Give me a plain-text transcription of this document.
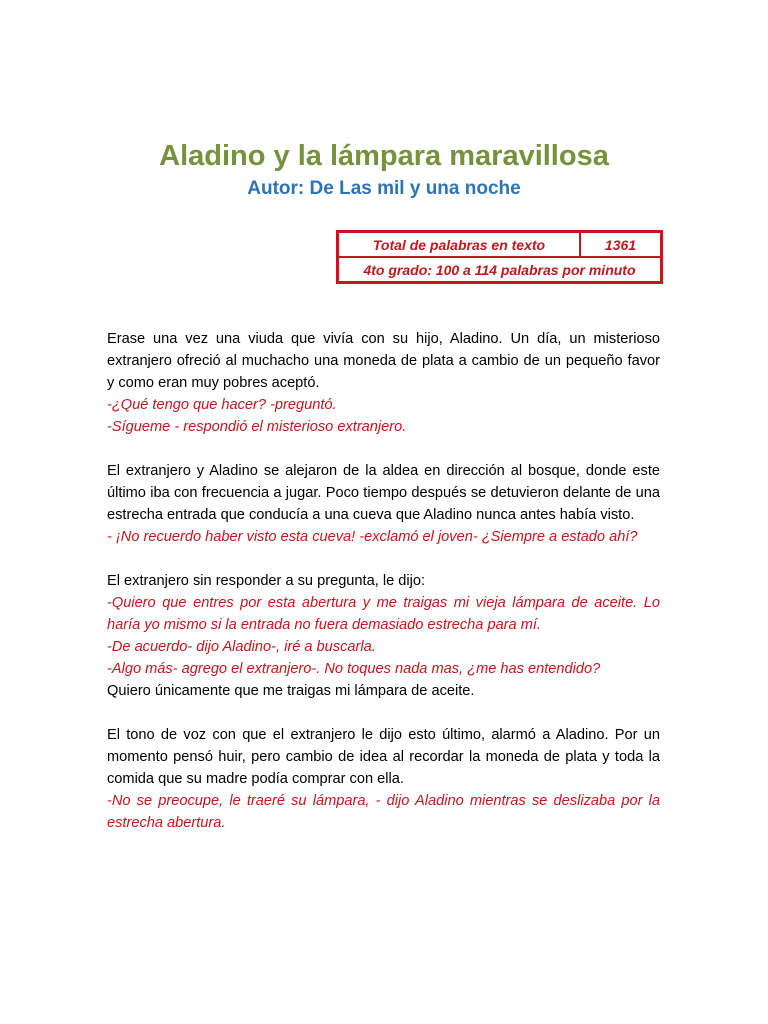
Aladino y la lámpara maravillosa
Autor: De Las mil y una noche
Total de palabras en texto	1361
4to grado: 100 a 114 palabras por minuto

Erase una vez una viuda que vivía con su hijo, Aladino. Un día, un misterioso extranjero ofreció al muchacho una moneda de plata a cambio de un pequeño favor y como eran muy pobres aceptó.

-¿Qué tengo que hacer? -preguntó.

-Sígueme - respondió el misterioso extranjero.

El extranjero y Aladino se alejaron de la aldea en dirección al bosque, donde este último iba con frecuencia a jugar. Poco tiempo después se detuvieron delante de una estrecha entrada que conducía a una cueva que Aladino nunca antes había visto.

- ¡No recuerdo haber visto esta cueva! -exclamó el joven- ¿Siempre a estado ahí?

El extranjero sin responder a su pregunta, le dijo:

-Quiero que entres por esta abertura y me traigas mi vieja lámpara de aceite. Lo haría yo mismo si la entrada no fuera demasiado estrecha para mí.

-De acuerdo- dijo Aladino-, iré a buscarla.

-Algo más- agrego el extranjero-. No toques nada mas, ¿me has entendido?

Quiero únicamente que me traigas mi lámpara de aceite.

El tono de voz con que el extranjero le dijo esto último, alarmó a Aladino. Por un momento pensó huir, pero cambio de idea al recordar la moneda de plata y toda la comida que su madre podía comprar con ella.

-No se preocupe, le traeré su lámpara, - dijo Aladino mientras se deslizaba por la estrecha abertura.
